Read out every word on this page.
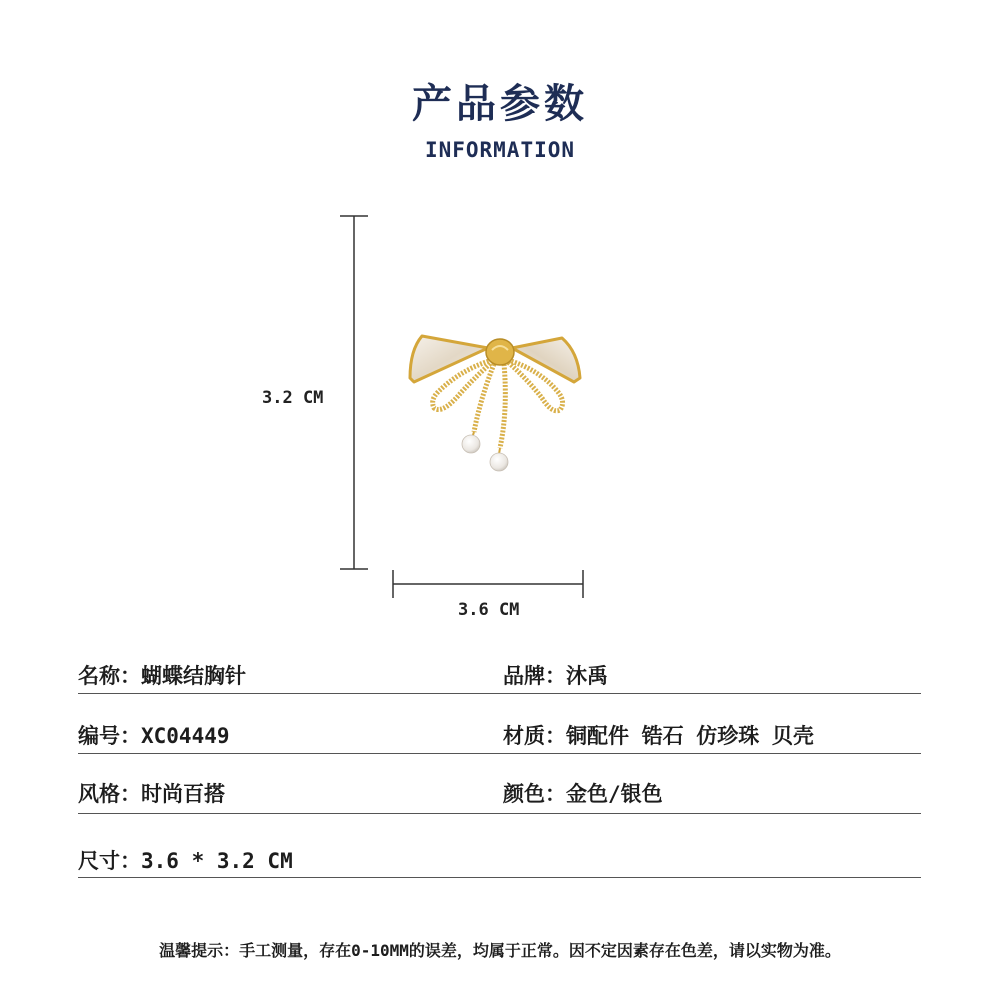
产品参数
INFORMATION
3.2 CM
3.6 CM
名称：蝴蝶结胸针	品牌：沐禹
编号：XC04449	材质：铜配件 锆石 仿珍珠 贝壳
风格：时尚百搭	颜色：金色/银色
尺寸：3.6 * 3.2 CM
温馨提示：手工测量，存在0-10MM的误差，均属于正常。因不定因素存在色差，请以实物为准。
